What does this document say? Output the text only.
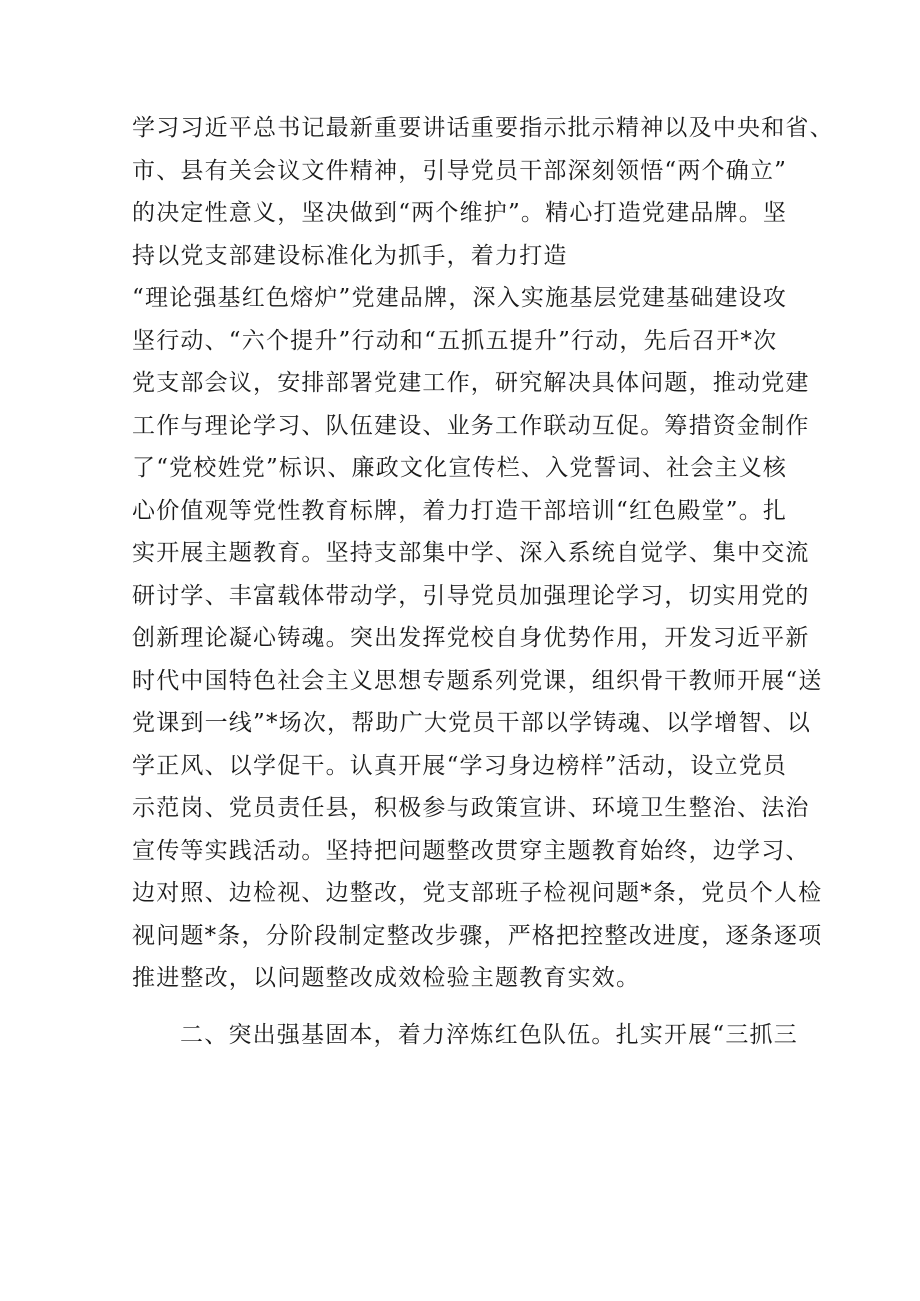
学习习近平总书记最新重要讲话重要指示批示精神以及中央和省、
市、县有关会议文件精神，引导党员干部深刻领悟“两个确立”
的决定性意义，坚决做到“两个维护”。精心打造党建品牌。坚
持以党支部建设标准化为抓手，着力打造
“理论强基红色熔炉”党建品牌，深入实施基层党建基础建设攻
坚行动、“六个提升”行动和“五抓五提升”行动，先后召开*次
党支部会议，安排部署党建工作，研究解决具体问题，推动党建
工作与理论学习、队伍建设、业务工作联动互促。筹措资金制作
了“党校姓党”标识、廉政文化宣传栏、入党誓词、社会主义核
心价值观等党性教育标牌，着力打造干部培训“红色殿堂”。扎
实开展主题教育。坚持支部集中学、深入系统自觉学、集中交流
研讨学、丰富载体带动学，引导党员加强理论学习，切实用党的
创新理论凝心铸魂。突出发挥党校自身优势作用，开发习近平新
时代中国特色社会主义思想专题系列党课，组织骨干教师开展“送
党课到一线”*场次，帮助广大党员干部以学铸魂、以学增智、以
学正风、以学促干。认真开展“学习身边榜样”活动，设立党员
示范岗、党员责任县，积极参与政策宣讲、环境卫生整治、法治
宣传等实践活动。坚持把问题整改贯穿主题教育始终，边学习、
边对照、边检视、边整改，党支部班子检视问题*条，党员个人检
视问题*条，分阶段制定整改步骤，严格把控整改进度，逐条逐项
推进整改，以问题整改成效检验主题教育实效。
二、突出强基固本，着力淬炼红色队伍。扎实开展“三抓三
